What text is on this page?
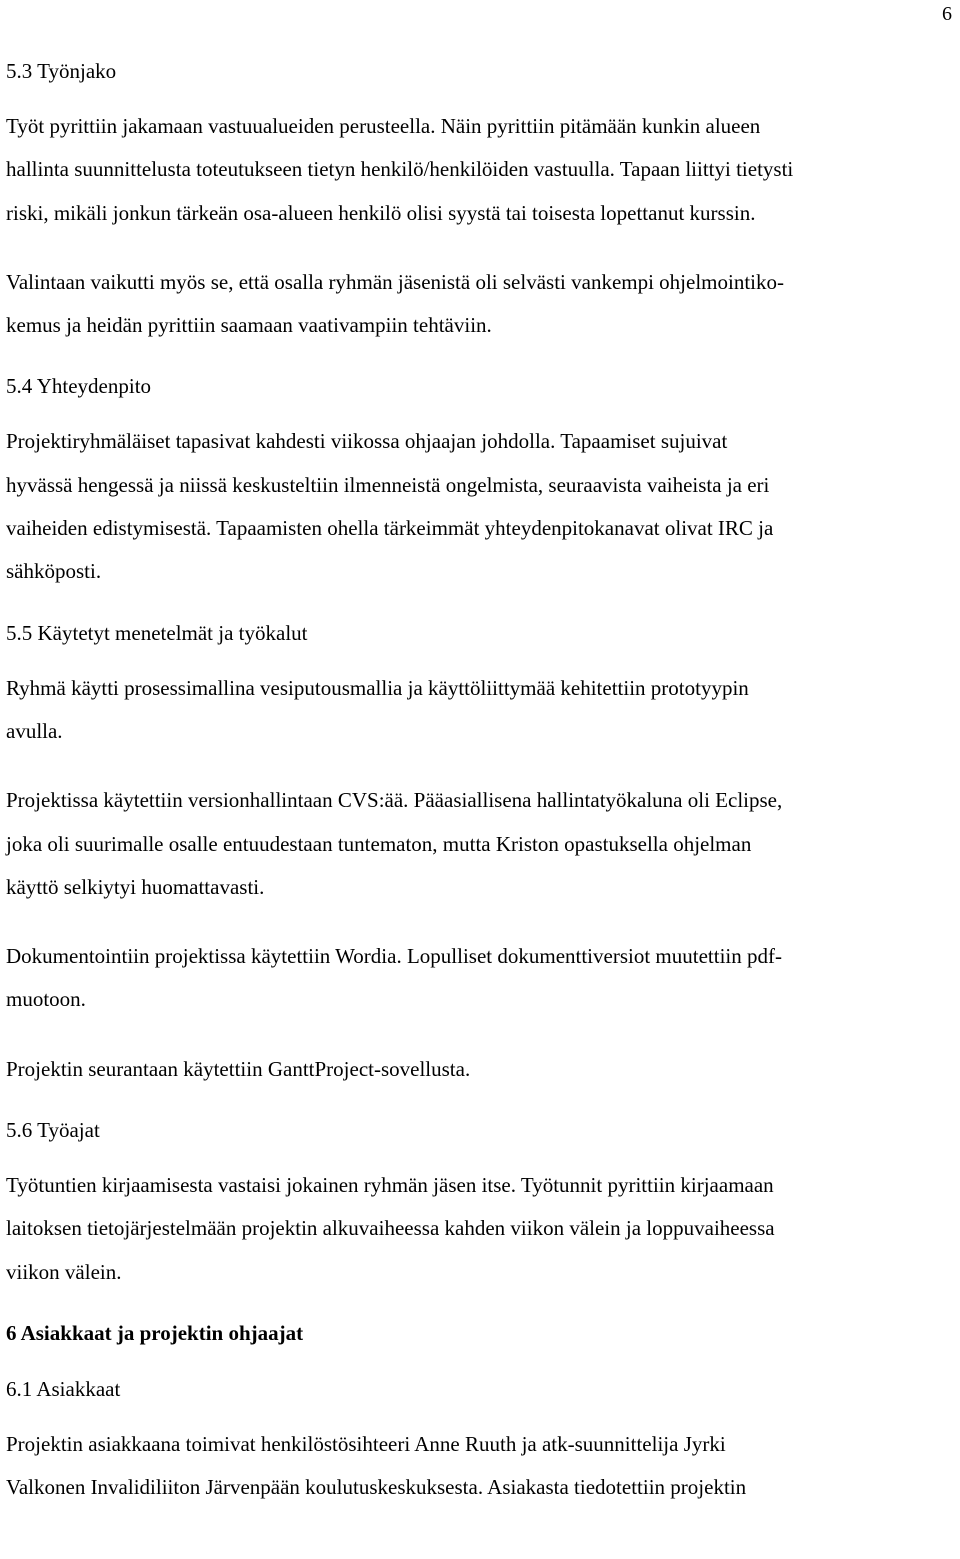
6
5.3 Työnjako

Työt pyrittiin jakamaan vastuualueiden perusteella. Näin pyrittiin pitämään kunkin alueen
hallinta suunnittelusta toteutukseen tietyn henkilö/henkilöiden vastuulla. Tapaan liittyi tietysti
riski, mikäli jonkun tärkeän osa-alueen henkilö olisi syystä tai toisesta lopettanut kurssin.

Valintaan vaikutti myös se, että osalla ryhmän jäsenistä oli selvästi vankempi ohjelmointiko-
kemus ja heidän pyrittiin saamaan vaativampiin tehtäviin.

5.4 Yhteydenpito

Projektiryhmäläiset tapasivat kahdesti viikossa ohjaajan johdolla. Tapaamiset sujuivat
hyvässä hengessä ja niissä keskusteltiin ilmenneistä ongelmista, seuraavista vaiheista ja eri
vaiheiden edistymisestä. Tapaamisten ohella tärkeimmät yhteydenpitokanavat olivat IRC ja
sähköposti.

5.5 Käytetyt menetelmät ja työkalut

Ryhmä käytti prosessimallina vesiputousmallia ja käyttöliittymää kehitettiin prototyypin
avulla.

Projektissa käytettiin versionhallintaan CVS:ää. Pääasiallisena hallintatyökaluna oli Eclipse,
joka oli suurimalle osalle entuudestaan tuntematon, mutta Kriston opastuksella ohjelman
käyttö selkiytyi huomattavasti.

Dokumentointiin projektissa käytettiin Wordia. Lopulliset dokumenttiversiot muutettiin pdf-
muotoon.

Projektin seurantaan käytettiin GanttProject-sovellusta.

5.6 Työajat

Työtuntien kirjaamisesta vastaisi jokainen ryhmän jäsen itse. Työtunnit pyrittiin kirjaamaan
laitoksen tietojärjestelmään projektin alkuvaiheessa kahden viikon välein ja loppuvaiheessa
viikon välein.

6 Asiakkaat ja projektin ohjaajat
6.1 Asiakkaat

Projektin asiakkaana toimivat henkilöstösihteeri Anne Ruuth ja atk-suunnittelija Jyrki
Valkonen Invalidiliiton Järvenpään koulutuskeskuksesta. Asiakasta tiedotettiin projektin
